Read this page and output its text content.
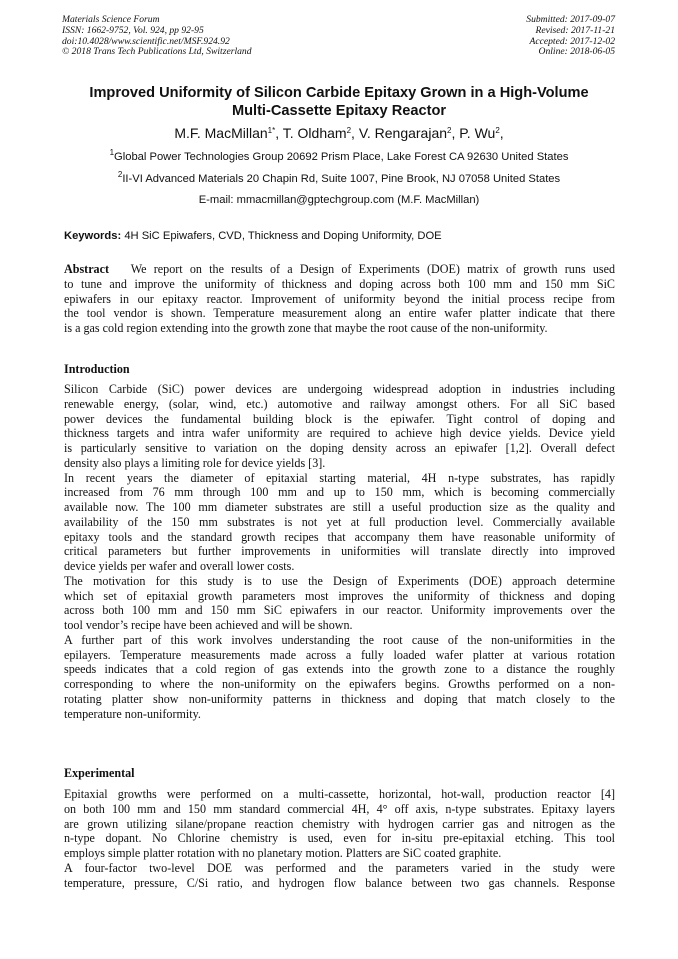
Materials Science Forum
ISSN: 1662-9752, Vol. 924, pp 92-95
doi:10.4028/www.scientific.net/MSF.924.92
© 2018 Trans Tech Publications Ltd, Switzerland
Submitted: 2017-09-07
Revised: 2017-11-21
Accepted: 2017-12-02
Online: 2018-06-05
Improved Uniformity of Silicon Carbide Epitaxy Grown in a High-Volume
Multi-Cassette Epitaxy Reactor
M.F. MacMillan$^{1*}$, T. Oldham$^2$, V. Rengarajan$^2$, P. Wu$^2$,
$^1$Global Power Technologies Group 20692 Prism Place, Lake Forest CA 92630 United States
$^2$II-VI Advanced Materials 20 Chapin Rd, Suite 1007, Pine Brook, NJ 07058 United States
E-mail: mmacmillan@gptechgroup.com (M.F. MacMillan)
Keywords: 4H SiC Epiwafers, CVD, Thickness and Doping Uniformity, DOE
Abstract We report on the results of a Design of Experiments (DOE) matrix of growth runs used
to tune and improve the uniformity of thickness and doping across both 100 mm and 150 mm SiC
epiwafers in our epitaxy reactor. Improvement of uniformity beyond the initial process recipe from
the tool vendor is shown. Temperature measurement along an entire wafer platter indicate that there
is a gas cold region extending into the growth zone that maybe the root cause of the non-uniformity.
Introduction
Silicon Carbide (SiC) power devices are undergoing widespread adoption in industries including
renewable energy, (solar, wind, etc.) automotive and railway amongst others. For all SiC based
power devices the fundamental building block is the epiwafer. Tight control of doping and
thickness targets and intra wafer uniformity are required to achieve high device yields. Device yield
is particularly sensitive to variation on the doping density across an epiwafer [1,2]. Overall defect
density also plays a limiting role for device yields [3].
In recent years the diameter of epitaxial starting material, 4H n-type substrates, has rapidly
increased from 76 mm through 100 mm and up to 150 mm, which is becoming commercially
available now. The 100 mm diameter substrates are still a useful production size as the quality and
availability of the 150 mm substrates is not yet at full production level. Commercially available
epitaxy tools and the standard growth recipes that accompany them have reasonable uniformity of
critical parameters but further improvements in uniformities will translate directly into improved
device yields per wafer and overall lower costs.
The motivation for this study is to use the Design of Experiments (DOE) approach determine
which set of epitaxial growth parameters most improves the uniformity of thickness and doping
across both 100 mm and 150 mm SiC epiwafers in our reactor. Uniformity improvements over the
tool vendor’s recipe have been achieved and will be shown.
A further part of this work involves understanding the root cause of the non-uniformities in the
epilayers. Temperature measurements made across a fully loaded wafer platter at various rotation
speeds indicates that a cold region of gas extends into the growth zone to a distance the roughly
corresponding to where the non-uniformity on the epiwafers begins. Growths performed on a non-
rotating platter show non-uniformity patterns in thickness and doping that match closely to the
temperature non-uniformity.
Experimental
Epitaxial growths were performed on a multi-cassette, horizontal, hot-wall, production reactor [4]
on both 100 mm and 150 mm standard commercial 4H, 4° off axis, n-type substrates. Epitaxy layers
are grown utilizing silane/propane reaction chemistry with hydrogen carrier gas and nitrogen as the
n-type dopant. No Chlorine chemistry is used, even for in-situ pre-epitaxial etching. This tool
employs simple platter rotation with no planetary motion. Platters are SiC coated graphite.
A four-factor two-level DOE was performed and the parameters varied in the study were
temperature, pressure, C/Si ratio, and hydrogen flow balance between two gas channels. Response
